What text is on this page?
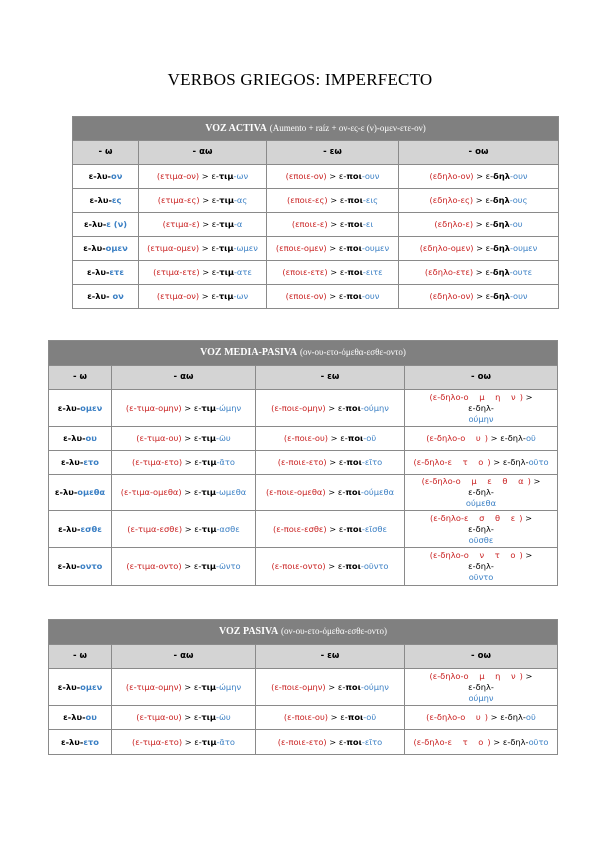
VERBOS GRIEGOS: IMPERFECTO
VOZ ACTIVA (Aumento + raíz + ον-ες-ε (ν)-ομεν-ετε-ον)			
- ω	- αω	- εω	- οω
ε-λυ-ον	(ετιμα-ον) > ε-τιμ-ων	(εποιε-ον) > ε-ποι-ουν	(εδηλο-ον) > ε-δηλ-ουν
ε-λυ-ες	(ετιμα-ες) > ε-τιμ-ας	(εποιε-ες) > ε-ποι-εις	(εδηλο-ες) > ε-δηλ-ους
ε-λυ-ε (ν)	(ετιμα-ε) > ε-τιμ-α	(εποιε-ε) > ε-ποι-ει	(εδηλο-ε) > ε-δηλ-ου
ε-λυ-ομεν	(ετιμα-ομεν) > ε-τιμ-ωμεν	(εποιε-ομεν) > ε-ποι-ουμεν	(εδηλο-ομεν) > ε-δηλ-ουμεν
ε-λυ-ετε	(ετιμα-ετε) > ε-τιμ-ατε	(εποιε-ετε) > ε-ποι-ειτε	(εδηλο-ετε) > ε-δηλ-ουτε
ε-λυ- ον	(ετιμα-ον) > ε-τιμ-ων	(εποιε-ον) > ε-ποι-ουν	(εδηλο-ον) > ε-δηλ-ουν
VOZ MEDIA-PASIVA (ον-ου-ετο-όμεθα-εσθε-οντο)			
- ω	- αω	- εω	- οω
ε-λυ-ομεν	(ε-τιμα-ομην) > ε-τιμ-ώμην	(ε-ποιε-ομην) > ε-ποι-ούμην	(ε-δηλο-ο μ η ν) >
ε-δηλ-
ούμην
ε-λυ-ου	(ε-τιμα-ου) > ε-τιμ-ῶυ	(ε-ποιε-ου) > ε-ποι-οῦ	(ε-δηλο-ο υ) > ε-δηλ-οῦ
ε-λυ-ετο	(ε-τιμα-ετο) > ε-τιμ-ᾶτο	(ε-ποιε-ετο) > ε-ποι-εῖτο	(ε-δηλο-ε τ ο) > ε-δηλ-οῦτο
ε-λυ-ομεθα	(ε-τιμα-ομεθα) > ε-τιμ-ωμεθα	(ε-ποιε-ομεθα) > ε-ποι-ούμεθα	(ε-δηλο-ο μ ε θ α) >
ε-δηλ-
ούμεθα
ε-λυ-εσθε	(ε-τιμα-εσθε) > ε-τιμ-ασθε	(ε-ποιε-εσθε) > ε-ποι-εῖσθε	(ε-δηλο-ε σ θ ε) >
ε-δηλ-
οῦσθε
ε-λυ-οντο	(ε-τιμα-οντο) > ε-τιμ-ῶντο	(ε-ποιε-οντο) > ε-ποι-οῦντο	(ε-δηλο-ο ν τ ο) >
ε-δηλ-
οῦντο
VOZ PASIVA (ον-ου-ετο-όμεθα-εσθε-οντο)			
- ω	- αω	- εω	- οω
ε-λυ-ομεν	(ε-τιμα-ομην) > ε-τιμ-ώμην	(ε-ποιε-ομην) > ε-ποι-ούμην	(ε-δηλο-ο μ η ν) >
ε-δηλ-
ούμην
ε-λυ-ου	(ε-τιμα-ου) > ε-τιμ-ῶυ	(ε-ποιε-ου) > ε-ποι-οῦ	(ε-δηλο-ο υ) > ε-δηλ-οῦ
ε-λυ-ετο	(ε-τιμα-ετο) > ε-τιμ-ᾶτο	(ε-ποιε-ετο) > ε-ποι-εῖτο	(ε-δηλο-ε τ ο) > ε-δηλ-οῦτο
